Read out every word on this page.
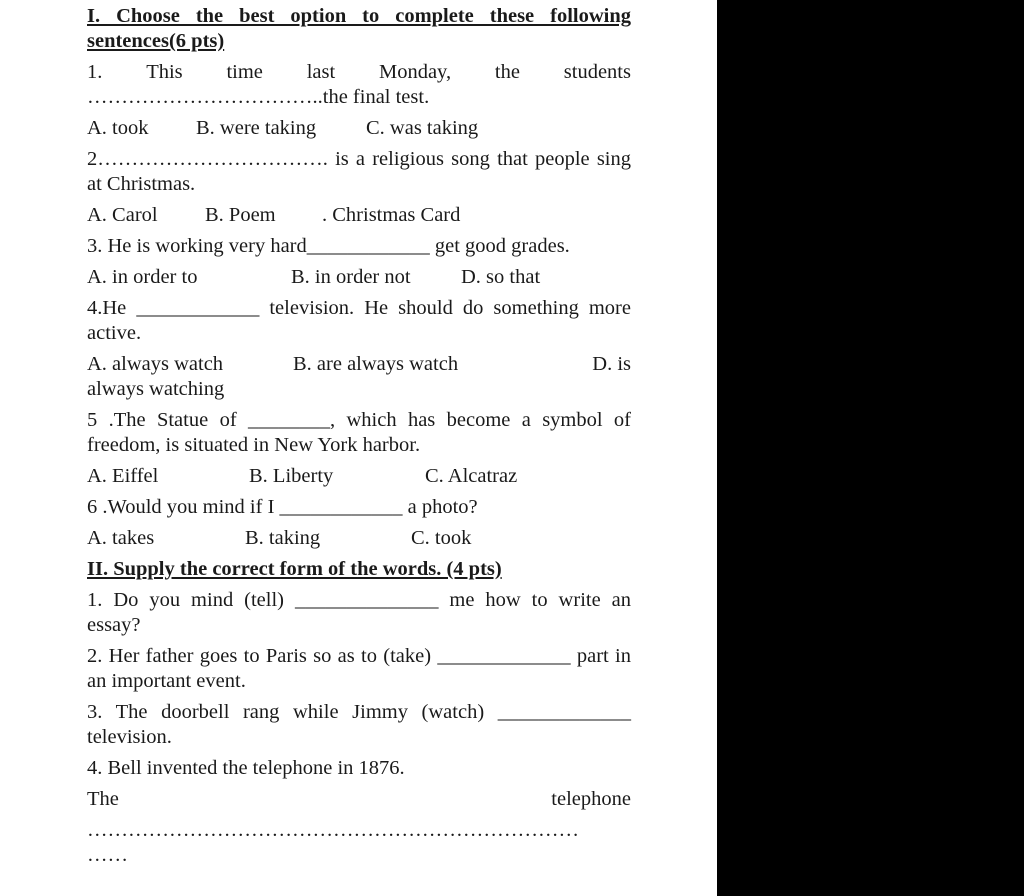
I. Choose the best option to complete these following sentences(6 pts)
1. This time last Monday, the students
……………………………..the final test.
A. took	B. were taking	C. was taking
2……………………………. is a religious song that people sing at Christmas.
A. Carol	B. Poem	. Christmas Card
3. He is working very hard____________ get good grades.
A. in order to	B. in order not	D. so that
4.He ____________ television. He should do something more active.
A. always watch	B. are always watch	D. is
always watching
5 .The Statue of ________, which has become a symbol of freedom, is situated in New York harbor.
A. Eiffel	B. Liberty	C. Alcatraz
6 .Would you mind if I ____________ a photo?
A. takes	B. taking	C. took
II. Supply the correct form of the words. (4 pts)
1. Do you mind (tell) ______________ me how to write an essay?
2. Her father goes to Paris so as to (take) _____________ part in an important event.
3. The doorbell rang while Jimmy (watch) _____________ television.
4. Bell invented the telephone in 1876.
The	telephone
………………………………………………………………
……
